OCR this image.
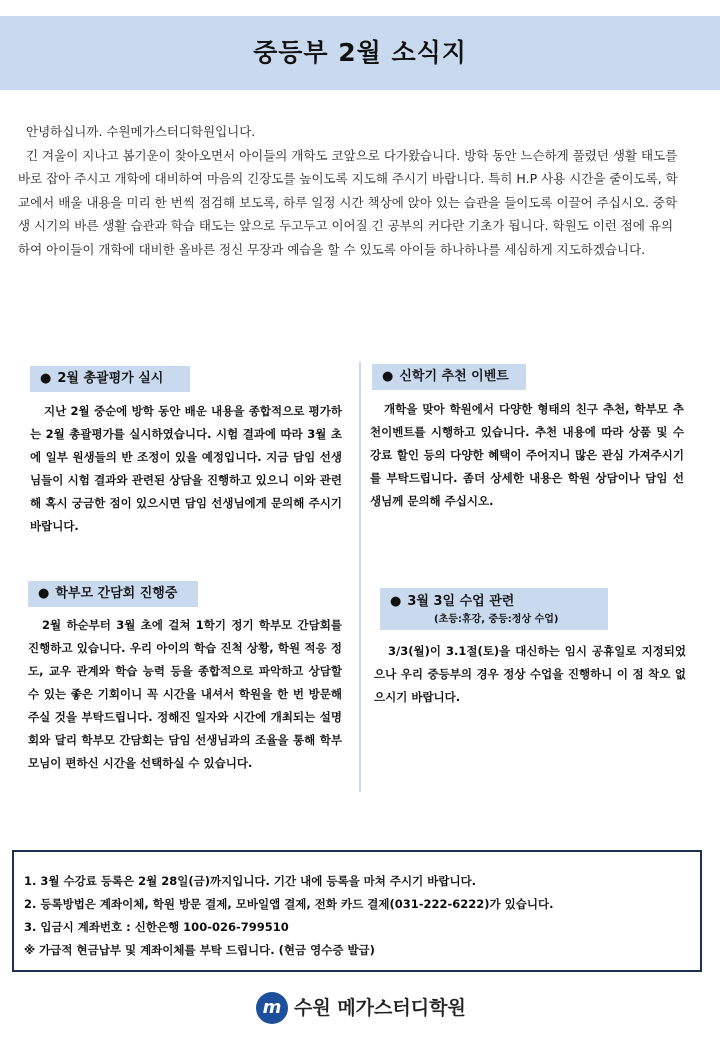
중등부 2월 소식지

안녕하십니까. 수원메가스터디학원입니다.

긴 겨울이 지나고 봄기운이 찾아오면서 아이들의 개학도 코앞으로 다가왔습니다. 방학 동안 느슨하게 풀렸던 생활 태도를 바로 잡아 주시고 개학에 대비하여 마음의 긴장도를 높이도록 지도해 주시기 바랍니다. 특히 H.P 사용 시간을 줄이도록, 학교에서 배울 내용을 미리 한 번씩 점검해 보도록, 하루 일정 시간 책상에 앉아 있는 습관을 들이도록 이끌어 주십시오. 중학생 시기의 바른 생활 습관과 학습 태도는 앞으로 두고두고 이어질 긴 공부의 커다란 기초가 됩니다. 학원도 이런 점에 유의하여 아이들이 개학에 대비한 올바른 정신 무장과 예습을 할 수 있도록 아이들 하나하나를 세심하게 지도하겠습니다.

● 2월 총괄평가 실시

지난 2월 중순에 방학 동안 배운 내용을 종합적으로 평가하는 2월 총괄평가를 실시하였습니다. 시험 결과에 따라 3월 초에 일부 원생들의 반 조정이 있을 예정입니다. 지금 담임 선생님들이 시험 결과와 관련된 상담을 진행하고 있으니 이와 관련해 혹시 궁금한 점이 있으시면 담임 선생님에게 문의해 주시기 바랍니다.

● 신학기 추천 이벤트

개학을 맞아 학원에서 다양한 형태의 친구 추천, 학부모 추천이벤트를 시행하고 있습니다. 추천 내용에 따라 상품 및 수강료 할인 등의 다양한 혜택이 주어지니 많은 관심 가져주시기를 부탁드립니다. 좀더 상세한 내용은 학원 상담이나 담임 선생님께 문의해 주십시오.

● 학부모 간담회 진행중

2월 하순부터 3월 초에 걸쳐 1학기 정기 학부모 간담회를 진행하고 있습니다. 우리 아이의 학습 진척 상황, 학원 적응 정도, 교우 관계와 학습 능력 등을 종합적으로 파악하고 상담할 수 있는 좋은 기회이니 꼭 시간을 내셔서 학원을 한 번 방문해 주실 것을 부탁드립니다. 정해진 일자와 시간에 개최되는 설명회와 달리 학부모 간담회는 담임 선생님과의 조율을 통해 학부모님이 편하신 시간을 선택하실 수 있습니다.

● 3월 3일 수업 관련
(초등:휴강, 중등:정상 수업)

3/3(월)이 3.1절(토)을 대신하는 임시 공휴일로 지정되었으나 우리 중등부의 경우 정상 수업을 진행하니 이 점 착오 없으시기 바랍니다.

1. 3월 수강료 등록은 2월 28일(금)까지입니다. 기간 내에 등록을 마쳐 주시기 바랍니다.
2. 등록방법은 계좌이체, 학원 방문 결제, 모바일앱 결제, 전화 카드 결제(031-222-6222)가 있습니다.
3. 입금시 계좌번호 : 신한은행 100-026-799510
※ 가급적 현금납부 및 계좌이체를 부탁 드립니다. (현금 영수증 발급)
m 수원 메가스터디학원
